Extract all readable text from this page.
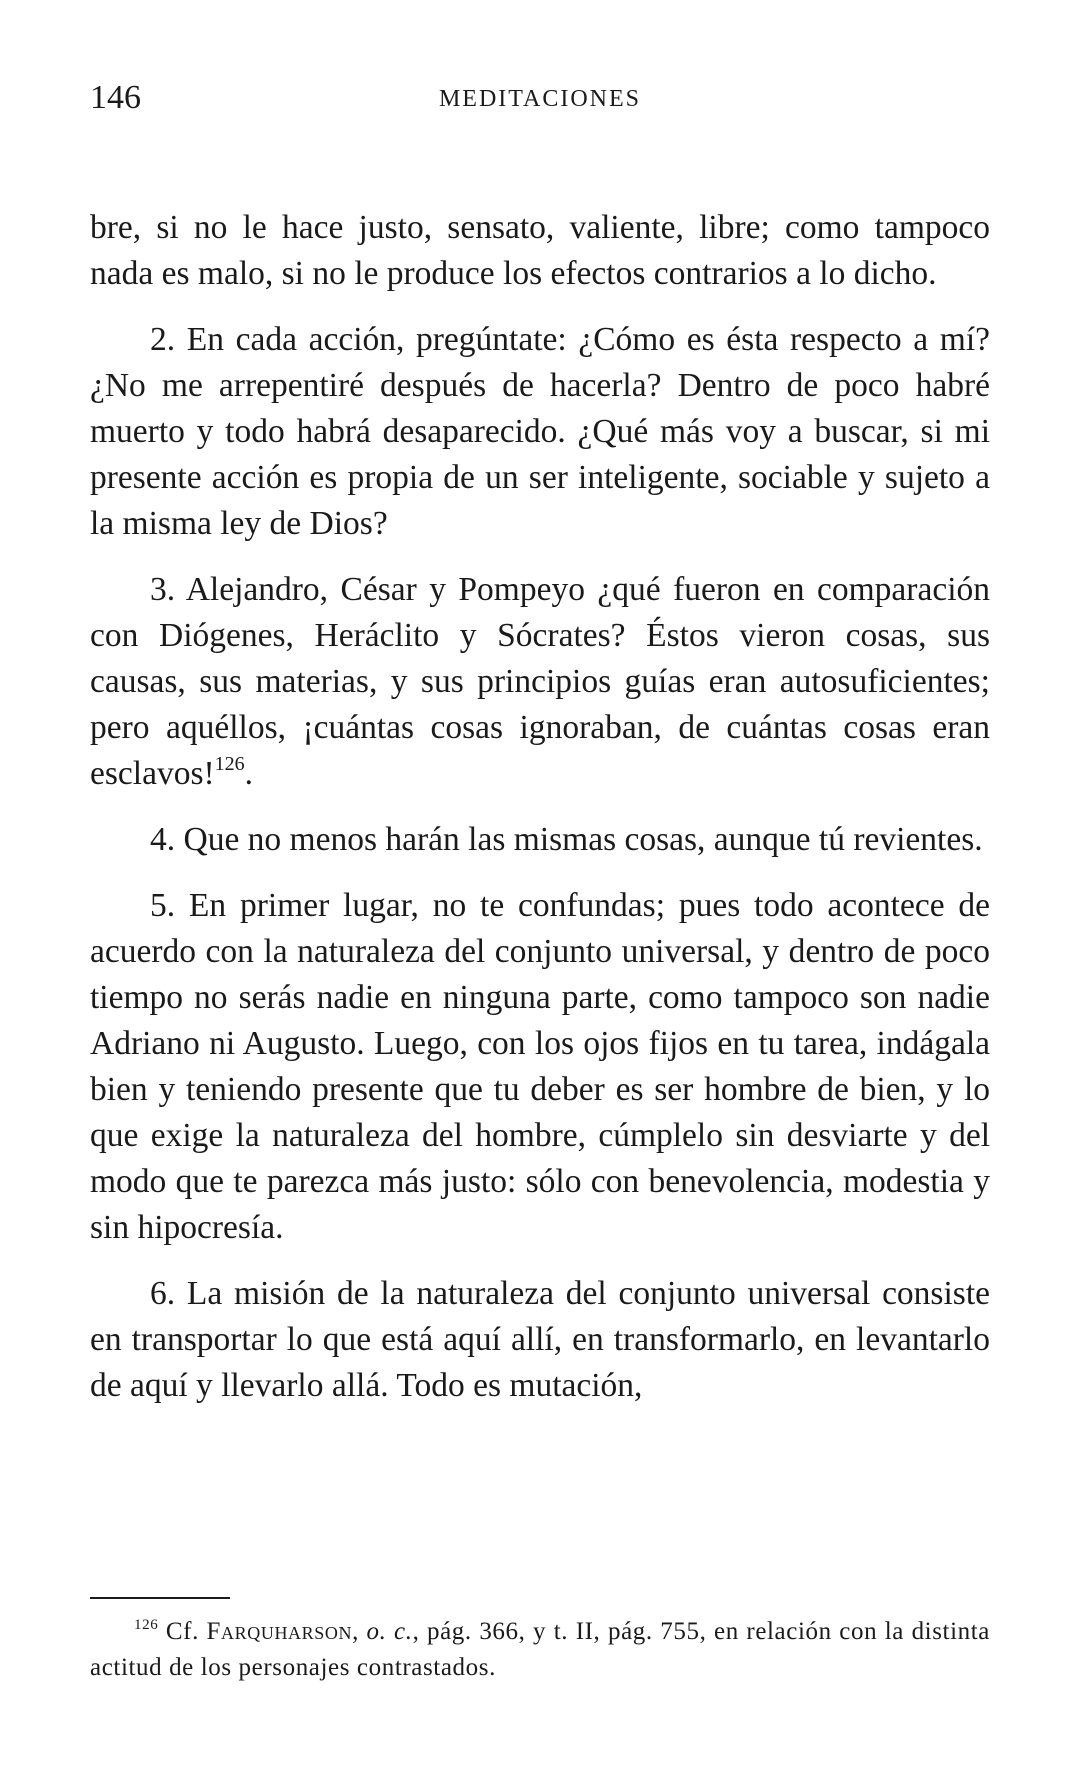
146	MEDITACIONES

bre, si no le hace justo, sensato, valiente, libre; como tampoco nada es malo, si no le produce los efectos contrarios a lo dicho.

2. En cada acción, pregúntate: ¿Cómo es ésta respecto a mí? ¿No me arrepentiré después de hacerla? Dentro de poco habré muerto y todo habrá desaparecido. ¿Qué más voy a buscar, si mi presente acción es propia de un ser inteligente, sociable y sujeto a la misma ley de Dios?

3. Alejandro, César y Pompeyo ¿qué fueron en comparación con Diógenes, Heráclito y Sócrates? Éstos vieron cosas, sus causas, sus materias, y sus principios guías eran autosuficientes; pero aquéllos, ¡cuántas cosas ignoraban, de cuántas cosas eran esclavos!$^{126}$.

4. Que no menos harán las mismas cosas, aunque tú revientes.

5. En primer lugar, no te confundas; pues todo acontece de acuerdo con la naturaleza del conjunto universal, y dentro de poco tiempo no serás nadie en ninguna parte, como tampoco son nadie Adriano ni Augusto. Luego, con los ojos fijos en tu tarea, indágala bien y teniendo presente que tu deber es ser hombre de bien, y lo que exige la naturaleza del hombre, cúmplelo sin desviarte y del modo que te parezca más justo: sólo con benevolencia, modestia y sin hipocresía.

6. La misión de la naturaleza del conjunto universal consiste en transportar lo que está aquí allí, en transformarlo, en levantarlo de aquí y llevarlo allá. Todo es mutación,

$^{126}$ Cf. Farquharson, o. c., pág. 366, y t. II, pág. 755, en relación con la distinta actitud de los personajes contrastados.
